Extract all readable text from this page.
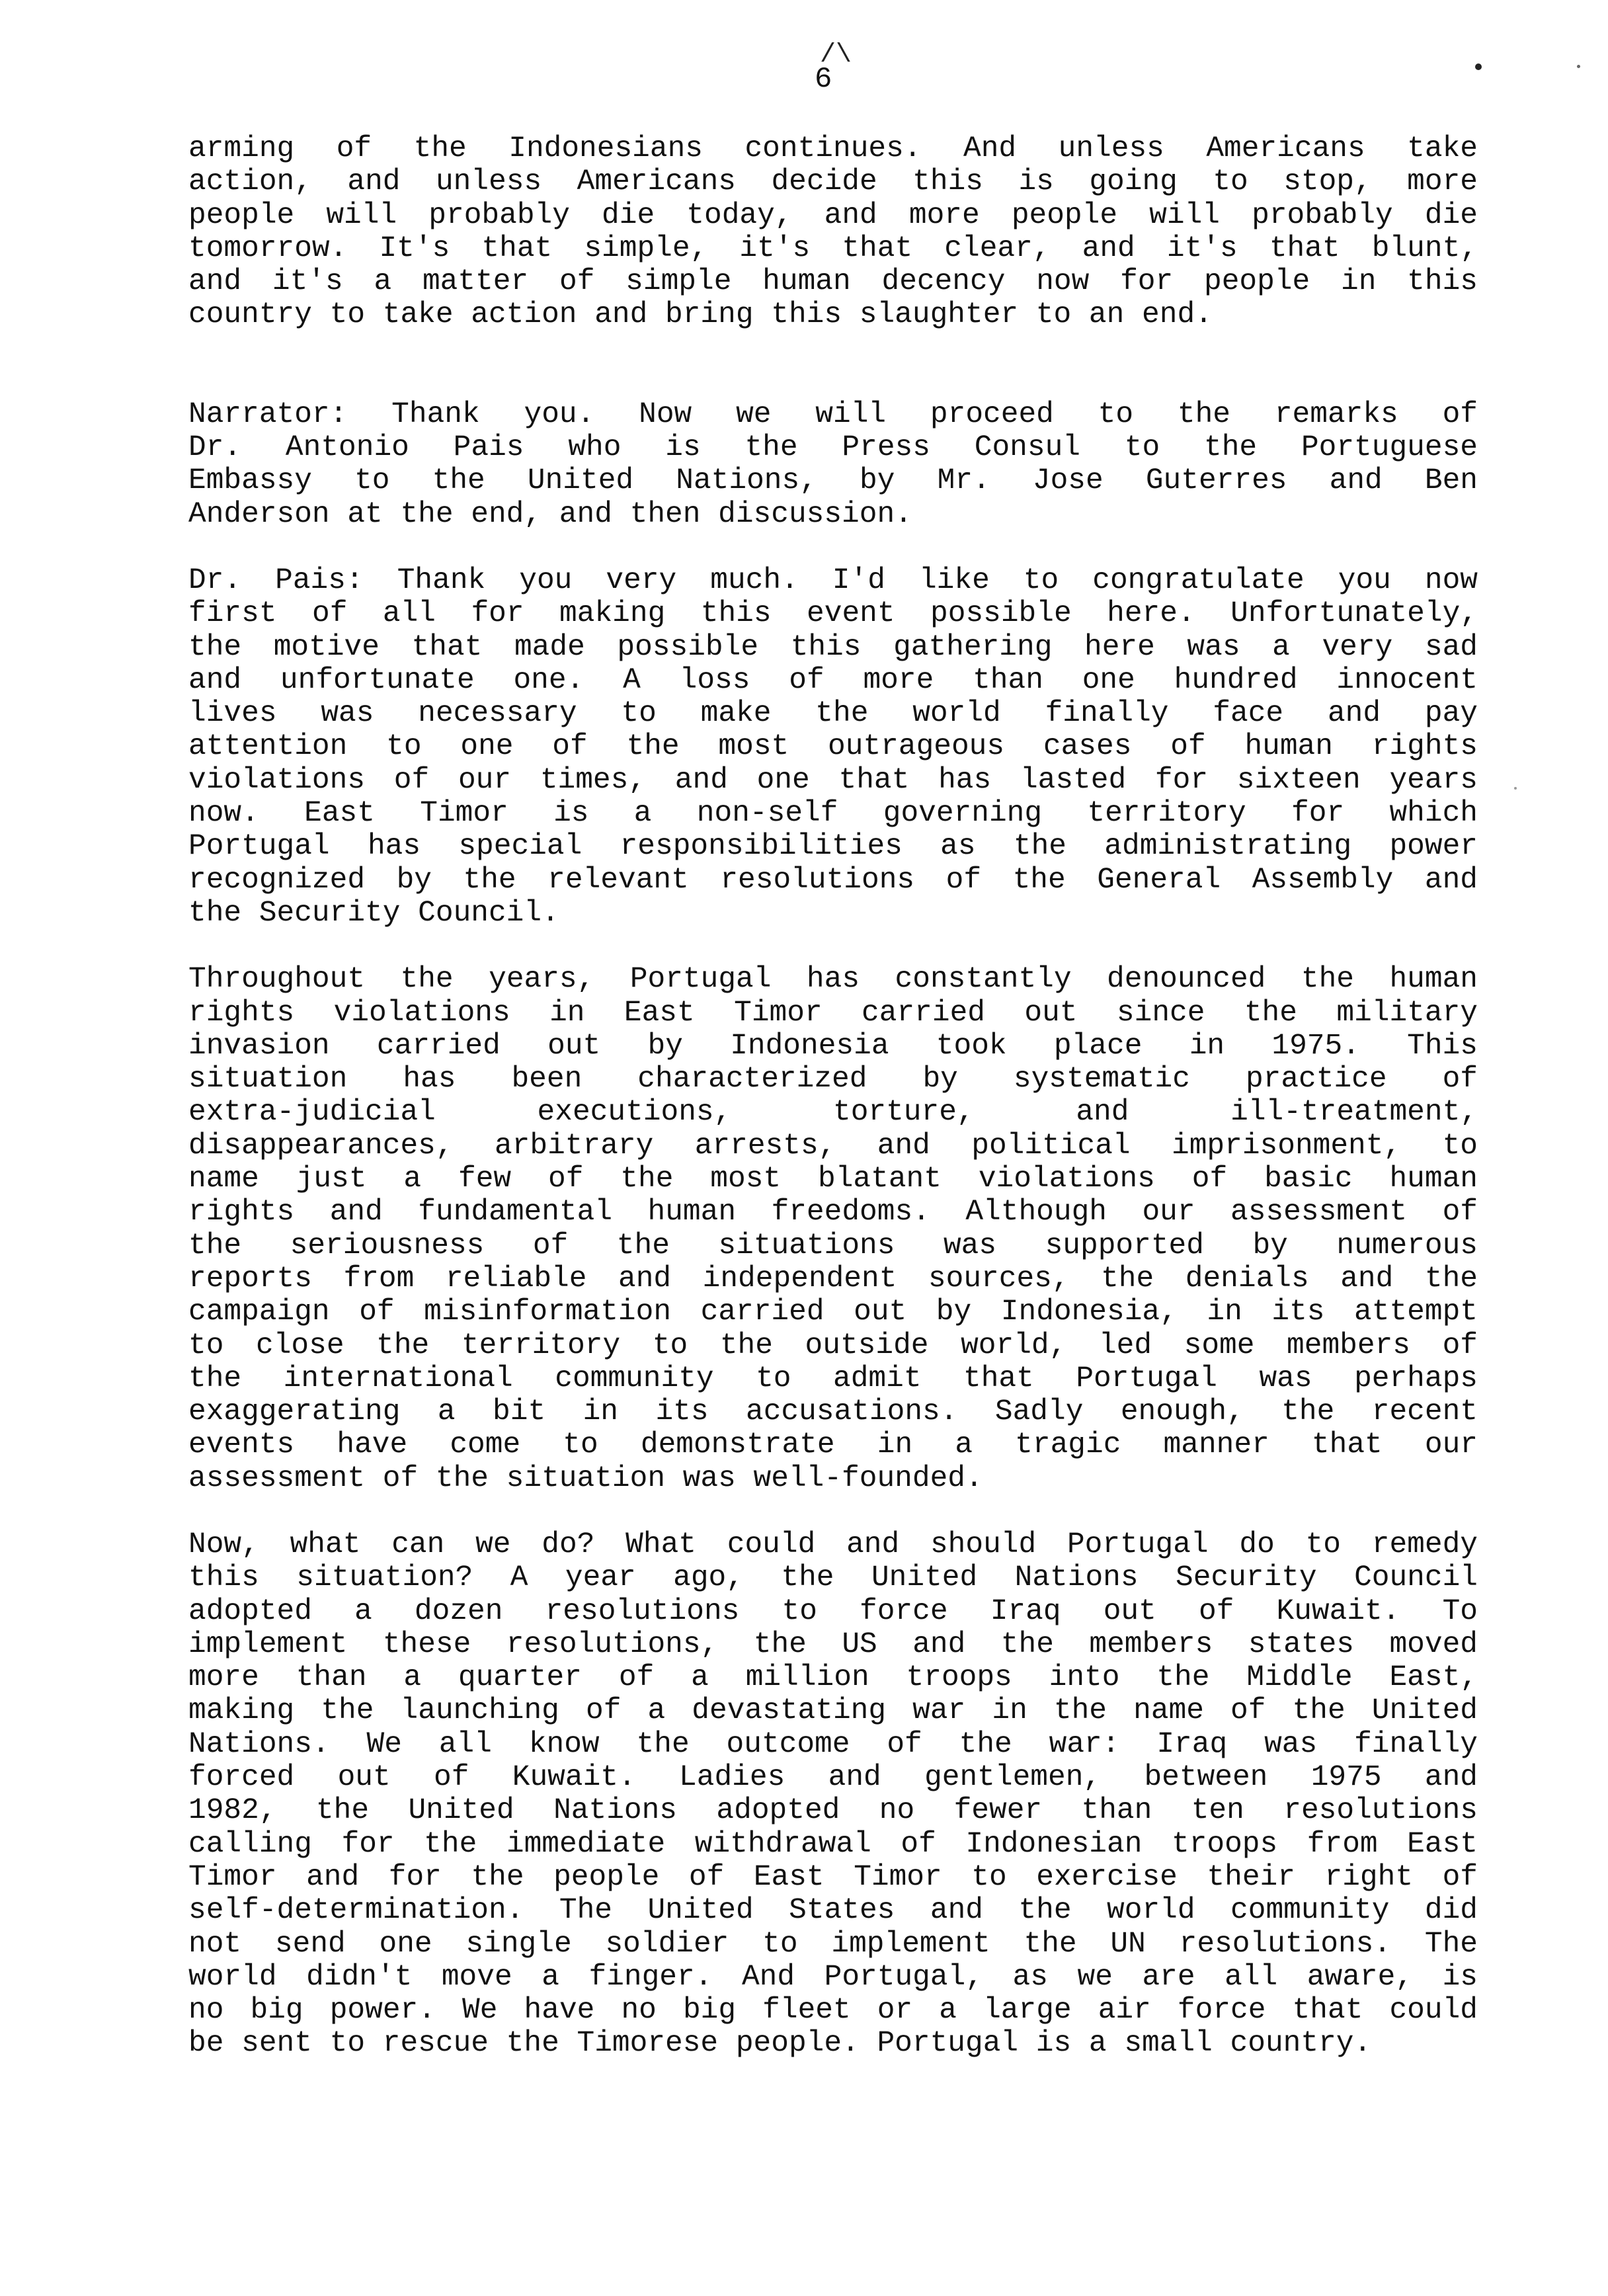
/\
6
arming of the Indonesians continues. And unless Americans take
action, and unless Americans decide this is going to stop, more
people will probably die today, and more people will probably die
tomorrow. It's that simple, it's that clear, and it's that blunt,
and it's a matter of simple human decency now for people in this
country to take action and bring this slaughter to an end.
Narrator: Thank you. Now we will proceed to the remarks of
Dr. Antonio Pais who is the Press Consul to the Portuguese
Embassy to the United Nations, by Mr. Jose Guterres and Ben
Anderson at the end, and then discussion.
Dr. Pais: Thank you very much. I'd like to congratulate you now
first of all for making this event possible here. Unfortunately,
the motive that made possible this gathering here was a very sad
and unfortunate one. A loss of more than one hundred innocent
lives was necessary to make the world finally face and pay
attention to one of the most outrageous cases of human rights
violations of our times, and one that has lasted for sixteen years
now. East Timor is a non-self governing territory for which
Portugal has special responsibilities as the administrating power
recognized by the relevant resolutions of the General Assembly and
the Security Council.
Throughout the years, Portugal has constantly denounced the human
rights violations in East Timor carried out since the military
invasion carried out by Indonesia took place in 1975. This
situation has been characterized by systematic practice of
extra-judicial executions, torture, and ill-treatment,
disappearances, arbitrary arrests, and political imprisonment, to
name just a few of the most blatant violations of basic human
rights and fundamental human freedoms. Although our assessment of
the seriousness of the situations was supported by numerous
reports from reliable and independent sources, the denials and the
campaign of misinformation carried out by Indonesia, in its attempt
to close the territory to the outside world, led some members of
the international community to admit that Portugal was perhaps
exaggerating a bit in its accusations. Sadly enough, the recent
events have come to demonstrate in a tragic manner that our
assessment of the situation was well-founded.
Now, what can we do? What could and should Portugal do to remedy
this situation? A year ago, the United Nations Security Council
adopted a dozen resolutions to force Iraq out of Kuwait. To
implement these resolutions, the US and the members states moved
more than a quarter of a million troops into the Middle East,
making the launching of a devastating war in the name of the United
Nations. We all know the outcome of the war: Iraq was finally
forced out of Kuwait. Ladies and gentlemen, between 1975 and
1982, the United Nations adopted no fewer than ten resolutions
calling for the immediate withdrawal of Indonesian troops from East
Timor and for the people of East Timor to exercise their right of
self-determination. The United States and the world community did
not send one single soldier to implement the UN resolutions. The
world didn't move a finger. And Portugal, as we are all aware, is
no big power. We have no big fleet or a large air force that could
be sent to rescue the Timorese people. Portugal is a small country.
